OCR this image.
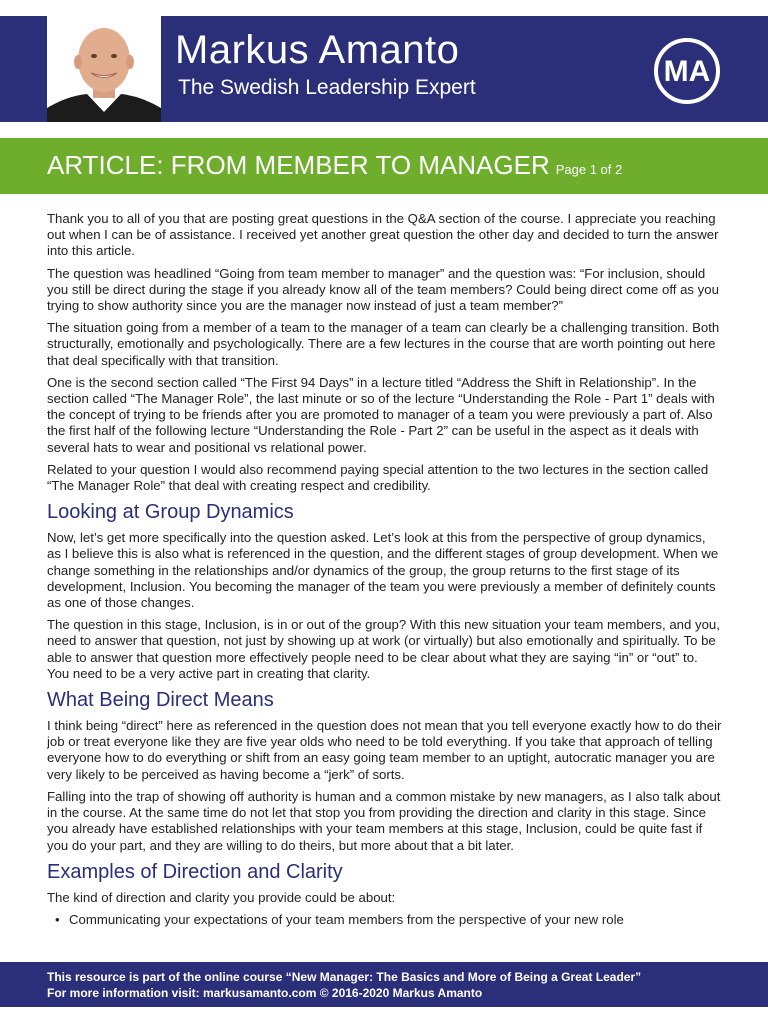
Markus Amanto
The Swedish Leadership Expert	MA
ARTICLE: FROM MEMBER TO MANAGER Page 1 of 2

Thank you to all of you that are posting great questions in the Q&A section of the course. I appreciate you reaching out when I can be of assistance. I received yet another great question the other day and decided to turn the answer into this article.

The question was headlined “Going from team member to manager” and the question was: “For inclusion, should you still be direct during the stage if you already know all of the team members? Could being direct come off as you trying to show authority since you are the manager now instead of just a team member?”

The situation going from a member of a team to the manager of a team can clearly be a challenging transition. Both structurally, emotionally and psychologically. There are a few lectures in the course that are worth pointing out here that deal specifically with that transition.

One is the second section called “The First 94 Days” in a lecture titled “Address the Shift in Relationship”. In the section called “The Manager Role”, the last minute or so of the lecture “Understanding the Role - Part 1” deals with the concept of trying to be friends after you are promoted to manager of a team you were previously a part of. Also the first half of the following lecture “Understanding the Role - Part 2” can be useful in the aspect as it deals with several hats to wear and positional vs relational power.

Related to your question I would also recommend paying special attention to the two lectures in the section called “The Manager Role” that deal with creating respect and credibility.

Looking at Group Dynamics

Now, let’s get more specifically into the question asked. Let’s look at this from the perspective of group dynamics, as I believe this is also what is referenced in the question, and the different stages of group development. When we change something in the relationships and/or dynamics of the group, the group returns to the first stage of its development, Inclusion. You becoming the manager of the team you were previously a member of definitely counts as one of those changes.

The question in this stage, Inclusion, is in or out of the group? With this new situation your team members, and you, need to answer that question, not just by showing up at work (or virtually) but also emotionally and spiritually. To be able to answer that question more effectively people need to be clear about what they are saying “in” or “out” to. You need to be a very active part in creating that clarity.

What Being Direct Means

I think being “direct” here as referenced in the question does not mean that you tell everyone exactly how to do their job or treat everyone like they are five year olds who need to be told everything. If you take that approach of telling everyone how to do everything or shift from an easy going team member to an uptight, autocratic manager you are very likely to be perceived as having become a “jerk” of sorts.

Falling into the trap of showing off authority is human and a common mistake by new managers, as I also talk about in the course. At the same time do not let that stop you from providing the direction and clarity in this stage. Since you already have established relationships with your team members at this stage, Inclusion, could be quite fast if you do your part, and they are willing to do theirs, but more about that a bit later.

Examples of Direction and Clarity

The kind of direction and clarity you provide could be about:

• Communicating your expectations of your team members from the perspective of your new role
This resource is part of the online course “New Manager: The Basics and More of Being a Great Leader”
For more information visit: markusamanto.com © 2016-2020 Markus Amanto
